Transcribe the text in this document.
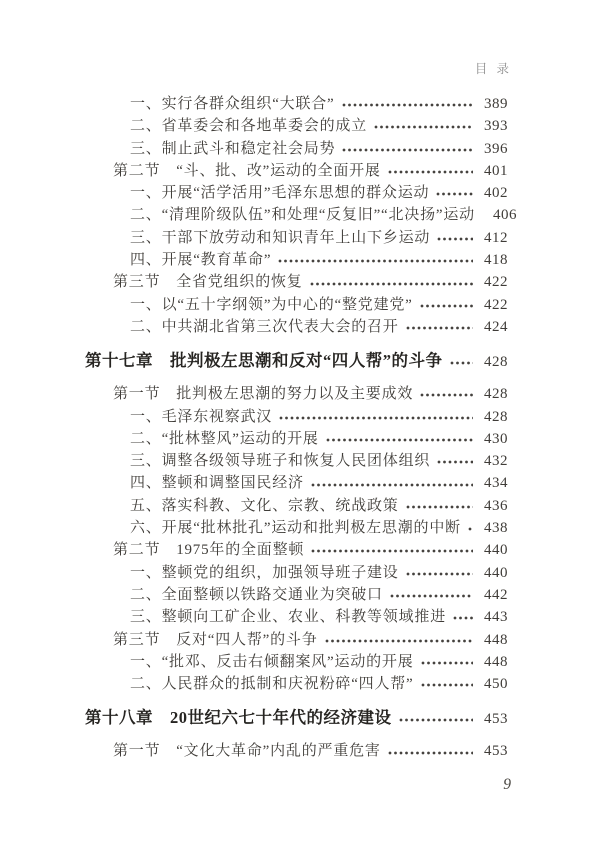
目 录
一、实行各群众组织“大联合”	389
二、省革委会和各地革委会的成立	393
三、制止武斗和稳定社会局势	396
第二节　“斗、批、改”运动的全面开展	401
一、开展“活学活用”毛泽东思想的群众运动	402
二、“清理阶级队伍”和处理“反复旧”“北决扬”运动 406
三、干部下放劳动和知识青年上山下乡运动	412
四、开展“教育革命”	418
第三节　全省党组织的恢复	422
一、以“五十字纲领”为中心的“整党建党”	422
二、中共湖北省第三次代表大会的召开	424
第十七章　批判极左思潮和反对“四人帮”的斗争	428
第一节　批判极左思潮的努力以及主要成效	428
一、毛泽东视察武汉	428
二、“批林整风”运动的开展	430
三、调整各级领导班子和恢复人民团体组织	432
四、整顿和调整国民经济	434
五、落实科教、文化、宗教、统战政策	436
六、开展“批林批孔”运动和批判极左思潮的中断 438
第二节　1975年的全面整顿	440
一、整顿党的组织，加强领导班子建设	440
二、全面整顿以铁路交通业为突破口	442
三、整顿向工矿企业、农业、科教等领域推进	443
第三节　反对“四人帮”的斗争	448
一、“批邓、反击右倾翻案风”运动的开展	448
二、人民群众的抵制和庆祝粉碎“四人帮”	450
第十八章　20世纪六七十年代的经济建设	453
第一节　“文化大革命”内乱的严重危害	453
9
